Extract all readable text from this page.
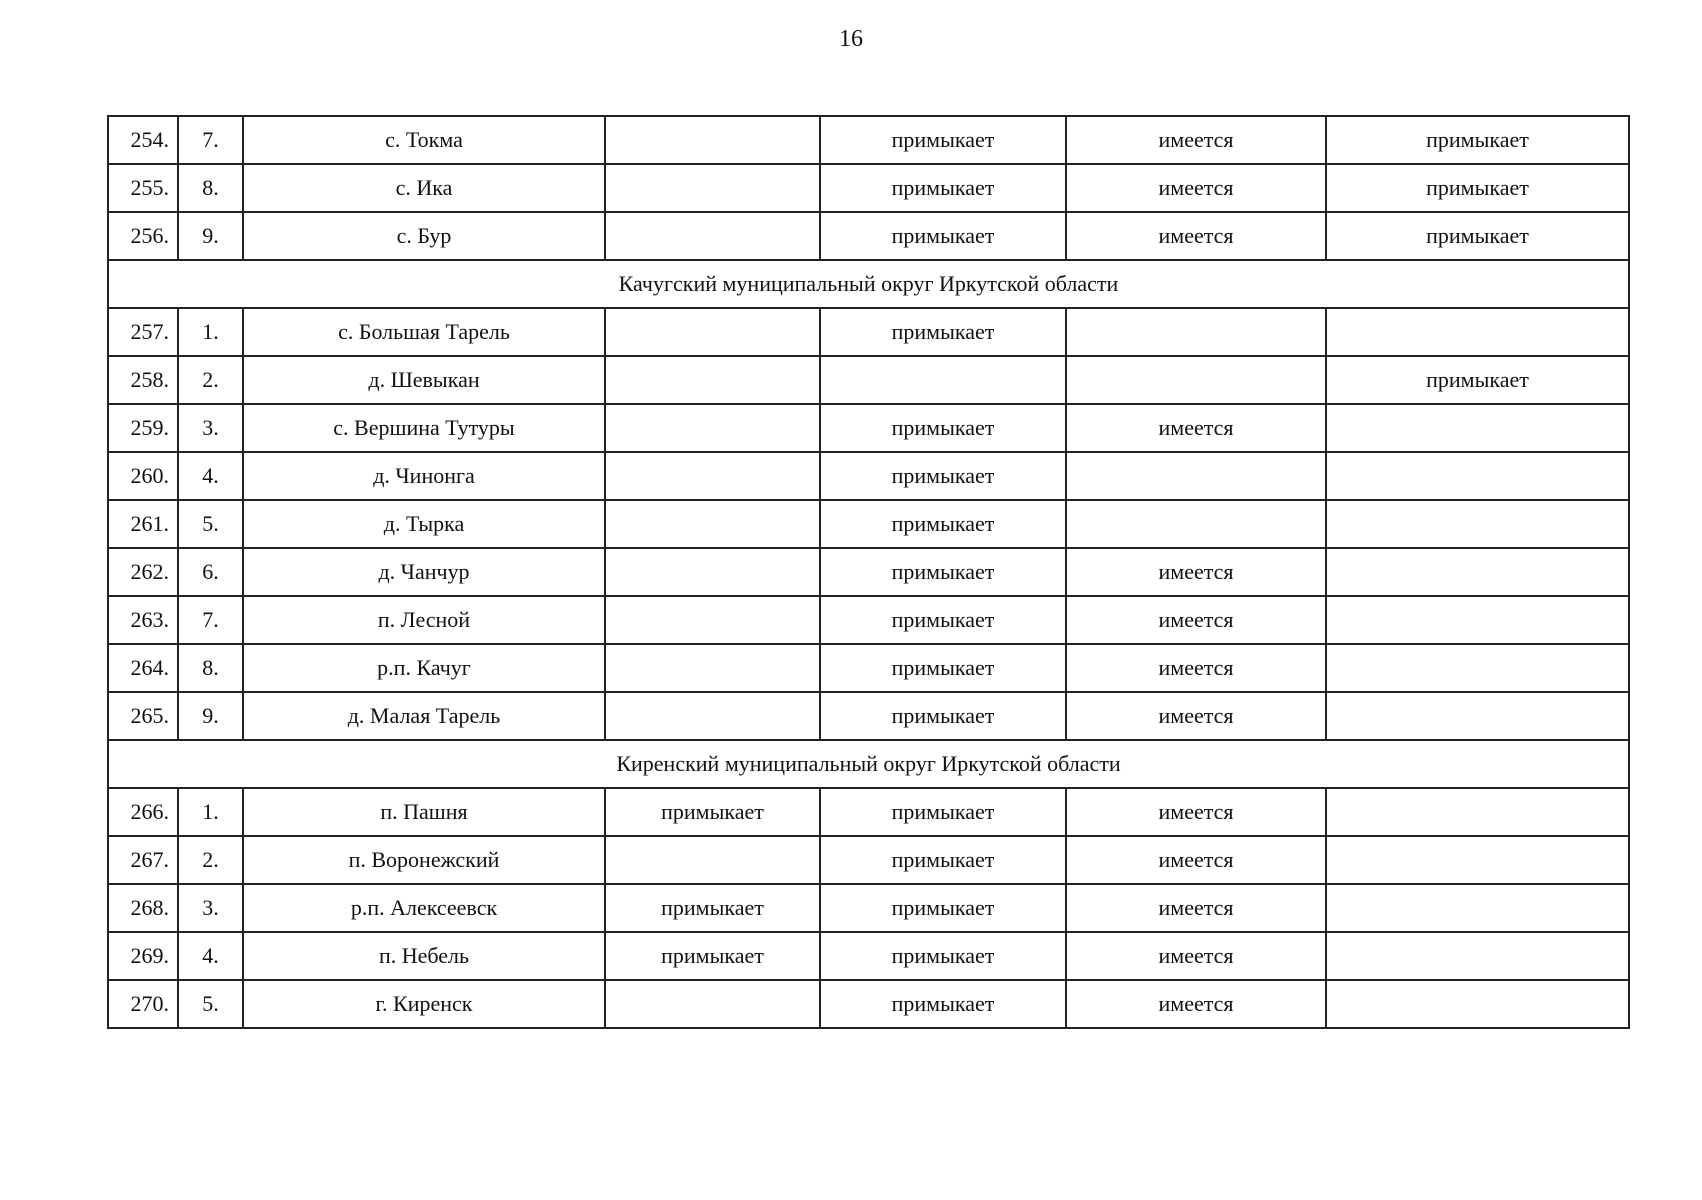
16
254.	7.	с. Токма		примыкает	имеется	примыкает
255.	8.	с. Ика		примыкает	имеется	примыкает
256.	9.	с. Бур		примыкает	имеется	примыкает
Качугский муниципальный округ Иркутской области						
257.	1.	с. Большая Тарель		примыкает		
258.	2.	д. Шевыкан				примыкает
259.	3.	с. Вершина Тутуры		примыкает	имеется	
260.	4.	д. Чинонга		примыкает		
261.	5.	д. Тырка		примыкает		
262.	6.	д. Чанчур		примыкает	имеется	
263.	7.	п. Лесной		примыкает	имеется	
264.	8.	р.п. Качуг		примыкает	имеется	
265.	9.	д. Малая Тарель		примыкает	имеется	
Киренский муниципальный округ Иркутской области						
266.	1.	п. Пашня	примыкает	примыкает	имеется	
267.	2.	п. Воронежский		примыкает	имеется	
268.	3.	р.п. Алексеевск	примыкает	примыкает	имеется	
269.	4.	п. Небель	примыкает	примыкает	имеется	
270.	5.	г. Киренск		примыкает	имеется	
